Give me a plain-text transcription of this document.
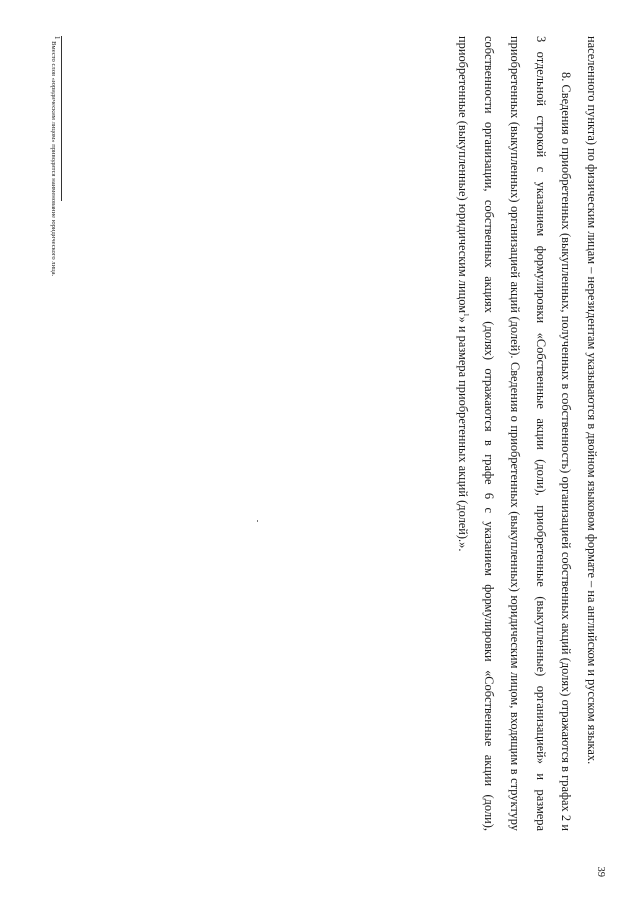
населенного пункта) по физическим лицам – нерезидентам указываются в двойном языковом формате – на английском и русском языках.

8. Сведения о приобретенных (выкупленных, полученных в собственность) организацией собственных акций (долях) отражаются в графах 2 и 3 отдельной строкой с указанием формулировки «Собственные акции (доли), приобретенные (выкупленные) организацией» и размера приобретенных (выкупленных) организацией акций (долей). Сведения о приобретенных (выкупленных) юридическим лицом, входящим в структуру собственности организации, собственных акциях (долях) отражаются в графе 6 с указанием формулировки «Собственные акции (доли), приобретенные (выкупленные) юридическим лицом$^1$» и размера приобретенных акций (долей).».

39
$^1$ Вместо слов «юридическим лицом» приводится наименование юридического лица.
